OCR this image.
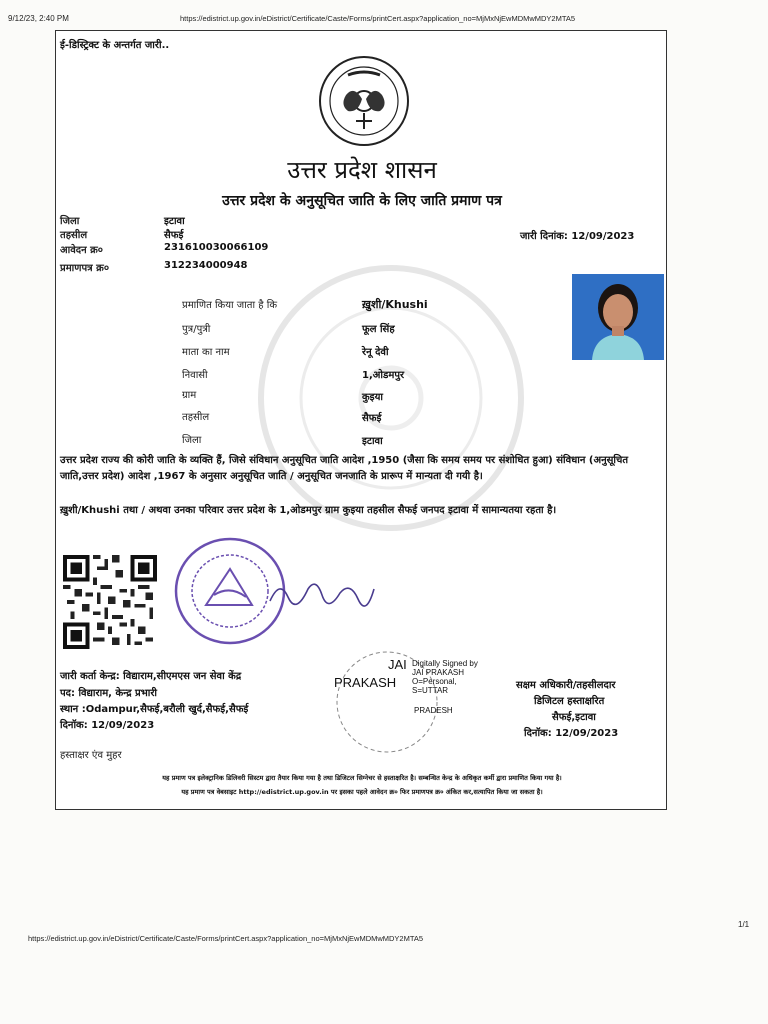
9/12/23, 2:40 PM	https://edistrict.up.gov.in/eDistrict/Certificate/Caste/Forms/printCert.aspx?application_no=MjMxNjEwMDMwMDY2MTA5
ई-डिस्ट्रिक्ट के अन्तर्गत जारी..
उत्तर प्रदेश शासन
उत्तर प्रदेश के अनुसूचित जाति के लिए जाति प्रमाण पत्र
जिला	इटावा
तहसील	सैफई
आवेदन क्र०	231610030066109
प्रमाणपत्र क्र०	312234000948
जारी दिनांक: 12/09/2023
प्रमाणित किया जाता है कि	ख़ुशी/Khushi
पुत्र/पुत्री	फूल सिंह
माता का नाम	रेनू देवी
निवासी	1,ओडमपुर
ग्राम	कुइया
तहसील	सैफई
जिला	इटावा
उत्तर प्रदेश राज्य की कोरी जाति के व्यक्ति हैं, जिसे संविधान अनुसूचित जाति आदेश ,1950 (जैसा कि समय समय पर संशोधित हुआ) संविधान (अनुसूचित जाति,उत्तर प्रदेश) आदेश ,1967 के अनुसार अनुसूचित जाति / अनुसूचित जनजाति के प्रारूप में मान्यता दी गयी है।
ख़ुशी/Khushi तथा / अथवा उनका परिवार उत्तर प्रदेश के 1,ओडमपुर ग्राम कुइया तहसील सैफई जनपद इटावा में सामान्यतया रहता है।
जारी कर्ता केन्द्र: विद्याराम,सीएमएस जन सेवा केंद्र
पद: विद्याराम, केन्द्र प्रभारी
स्थान :Odampur,सैफई,बरौली खुर्द,सैफई,सैफई
दिनॉक: 12/09/2023
JAI
PRAKASH
Digitally Signed by
JAI PRAKASH
O=Personal,
S=UTTAR
PRADESH
सक्षम अधिकारी/तहसीलदार
डिजिटल हस्ताक्षरित
सैफई,इटावा
दिनॉक: 12/09/2023
हस्ताक्षर एंव मुहर
यह प्रमाण पत्र इलेक्ट्रानिक डिलिवरी सिस्टम द्वारा तैयार किया गया है तथा डिजिटल सिग्नेचर से हस्ताक्षरित है। सम्बन्धित केन्द्र के अधिकृत कर्मी द्वारा प्रमाणित किया गया है।
यह प्रमाण पत्र वेबसाइट http://edistrict.up.gov.in पर इसका पहले आवेदन क्र० फिर प्रमाणपत्र क्र० अंकित कर,सत्यापित किया जा सकता है।
https://edistrict.up.gov.in/eDistrict/Certificate/Caste/Forms/printCert.aspx?application_no=MjMxNjEwMDMwMDY2MTA5
1/1
